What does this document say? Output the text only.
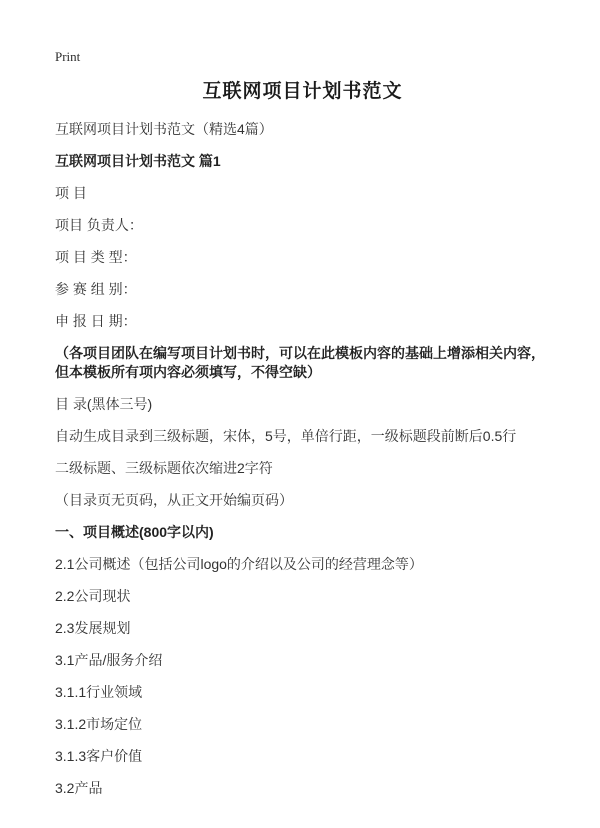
Print
互联网项目计划书范文

互联网项目计划书范文（精选4篇）

互联网项目计划书范文 篇1

项 目

项目 负责人：

项 目 类 型：

参 赛 组 别：

申 报 日 期：

（各项目团队在编写项目计划书时，可以在此模板内容的基础上增添相关内容，但本模板所有项内容必须填写，不得空缺）

目 录(黑体三号)

自动生成目录到三级标题，宋体，5号，单倍行距，一级标题段前断后0.5行

二级标题、三级标题依次缩进2字符

（目录页无页码，从正文开始编页码）

一、项目概述(800字以内)

2.1公司概述（包括公司logo的介绍以及公司的经营理念等）

2.2公司现状

2.3发展规划

3.1产品/服务介绍

3.1.1行业领域

3.1.2市场定位

3.1.3客户价值

3.2产品
